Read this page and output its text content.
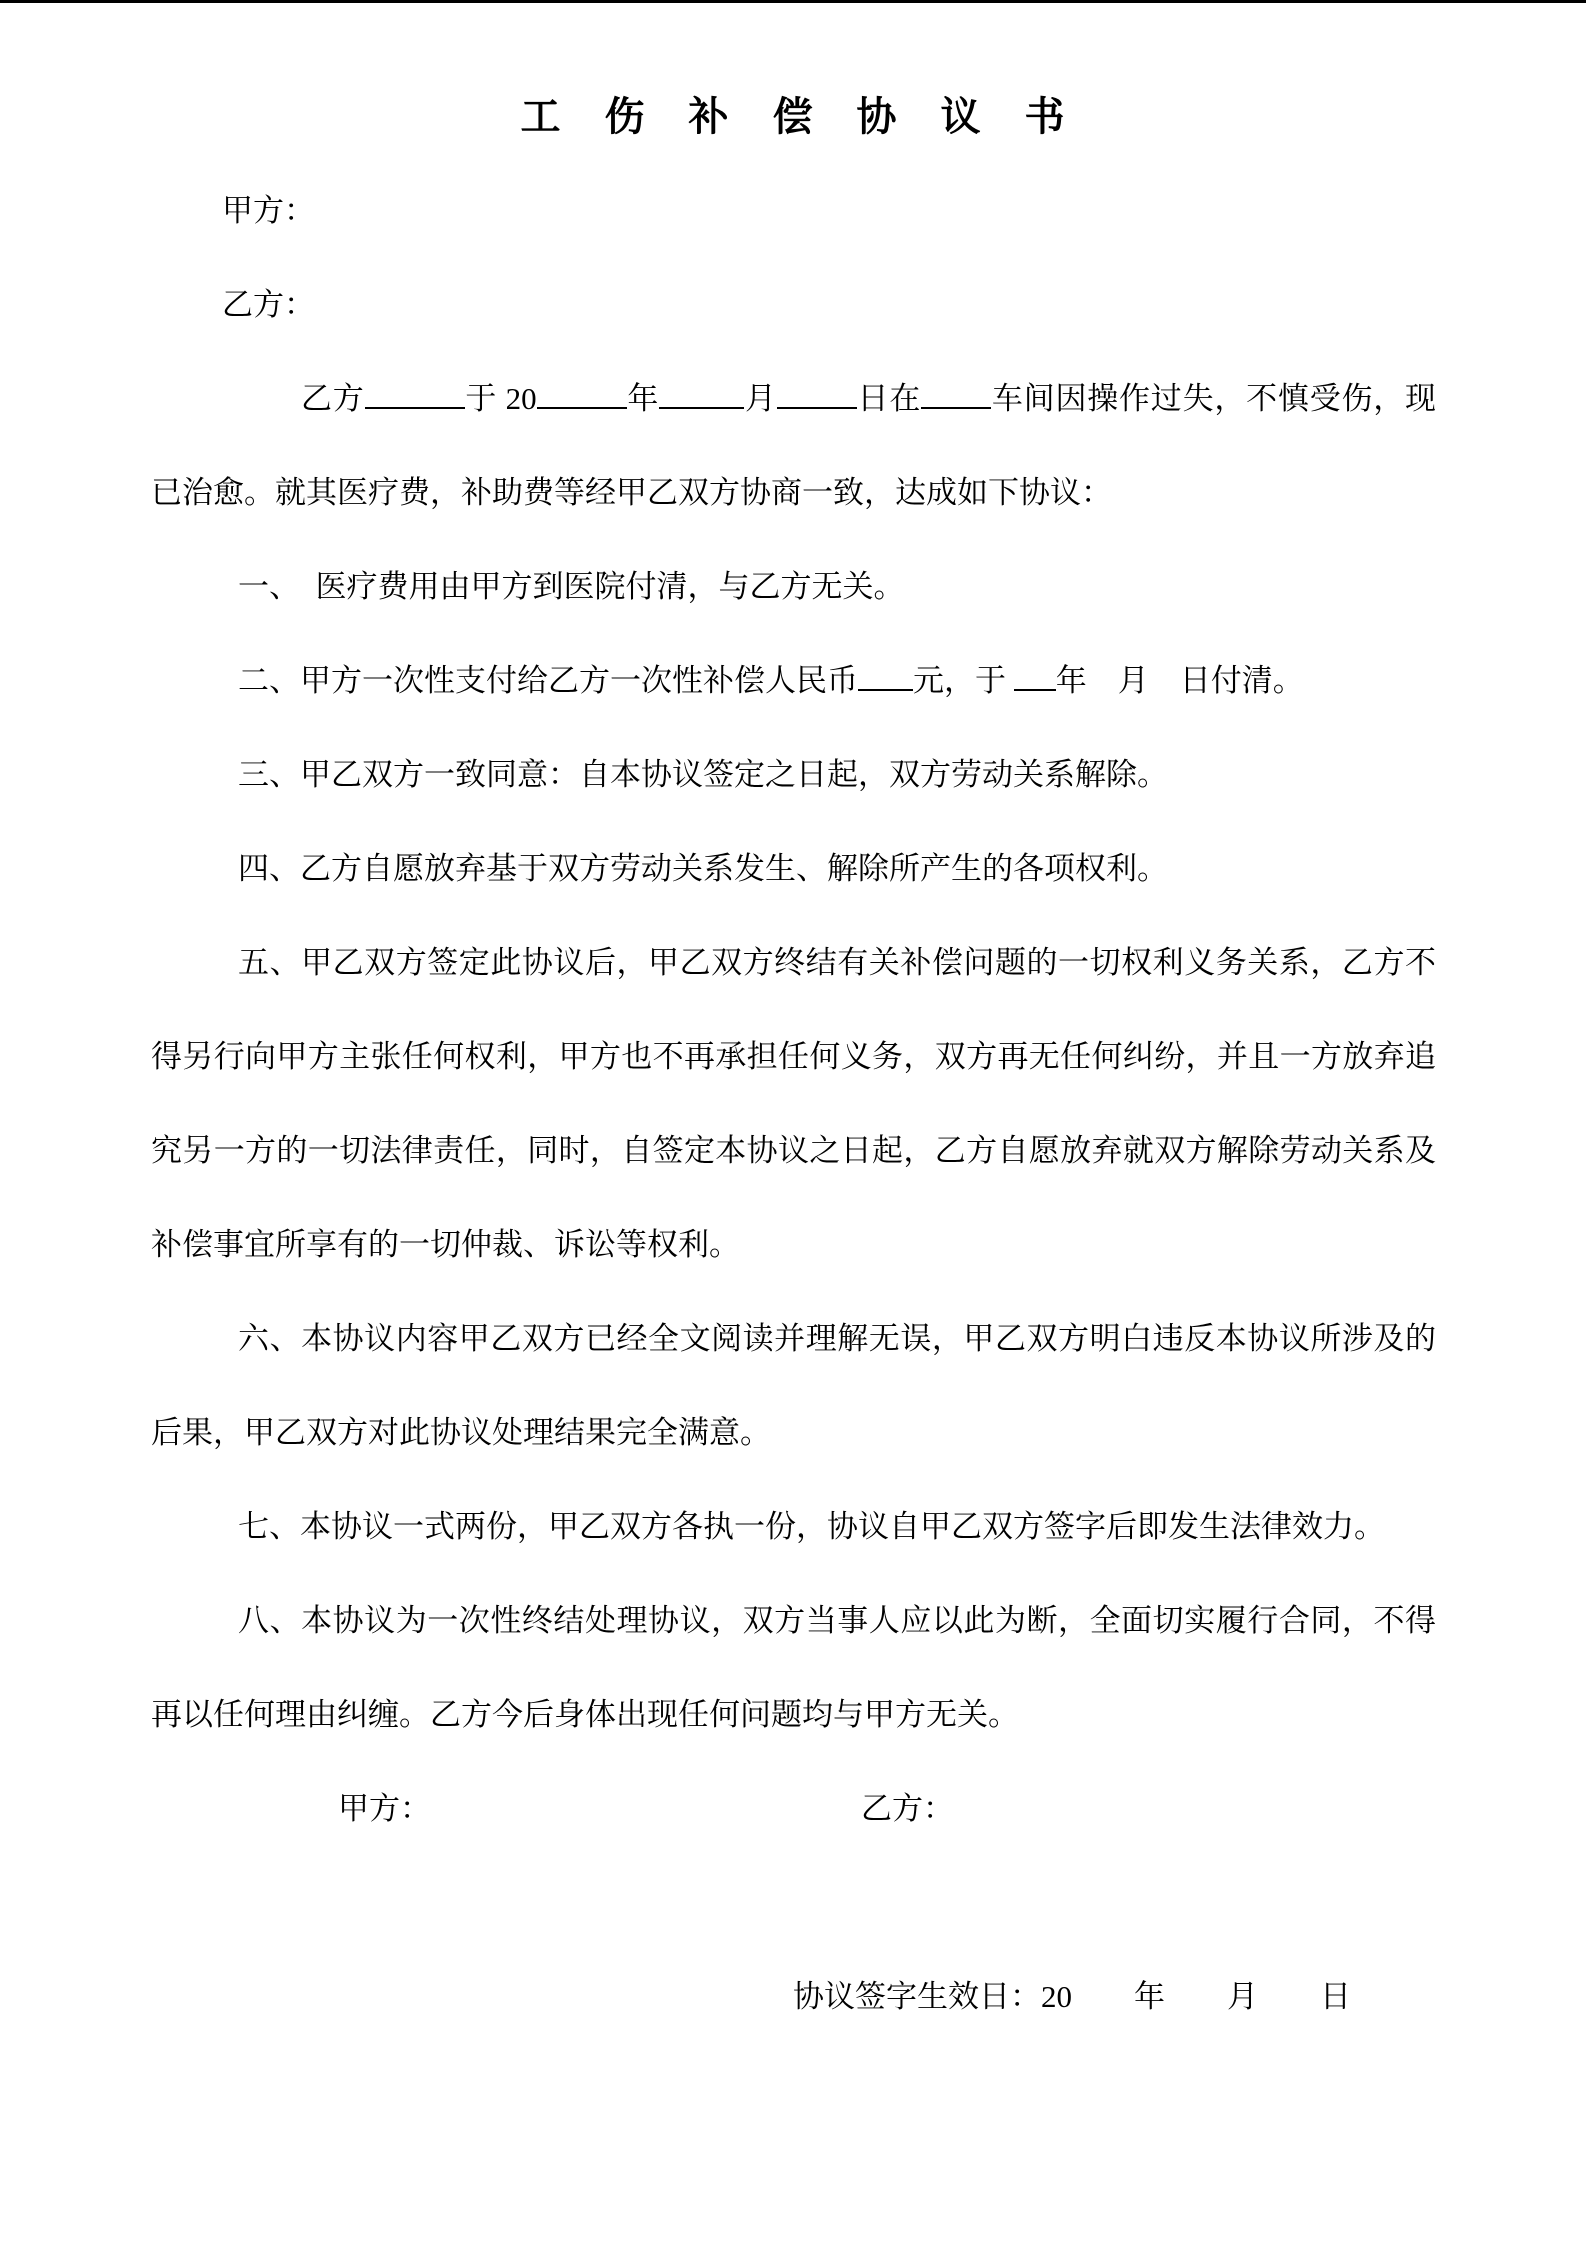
工　伤　补　偿　协　议　书

甲方：

乙方：

乙方	于 20	年	月	日在 车间因操作过失，不慎受伤，现已治愈。就其医疗费，补助费等经甲乙双方协商一致，达成如下协议：

一、　医疗费用由甲方到医院付清，与乙方无关。

二、甲方一次性支付给乙方一次性补偿人民币 元，于 年　月　日付清。

三、甲乙双方一致同意：自本协议签定之日起，双方劳动关系解除。

四、乙方自愿放弃基于双方劳动关系发生、解除所产生的各项权利。

五、甲乙双方签定此协议后，甲乙双方终结有关补偿问题的一切权利义务关系，乙方不得另行向甲方主张任何权利，甲方也不再承担任何义务，双方再无任何纠纷，并且一方放弃追究另一方的一切法律责任，同时，自签定本协议之日起，乙方自愿放弃就双方解除劳动关系及补偿事宜所享有的一切仲裁、诉讼等权利。

六、本协议内容甲乙双方已经全文阅读并理解无误，甲乙双方明白违反本协议所涉及的后果，甲乙双方对此协议处理结果完全满意。

七、本协议一式两份，甲乙双方各执一份，协议自甲乙双方签字后即发生法律效力。

八、本协议为一次性终结处理协议，双方当事人应以此为断，全面切实履行合同，不得再以任何理由纠缠。乙方今后身体出现任何问题均与甲方无关。

甲方：	乙方：

协议签字生效日：20　　年　　月　　日
